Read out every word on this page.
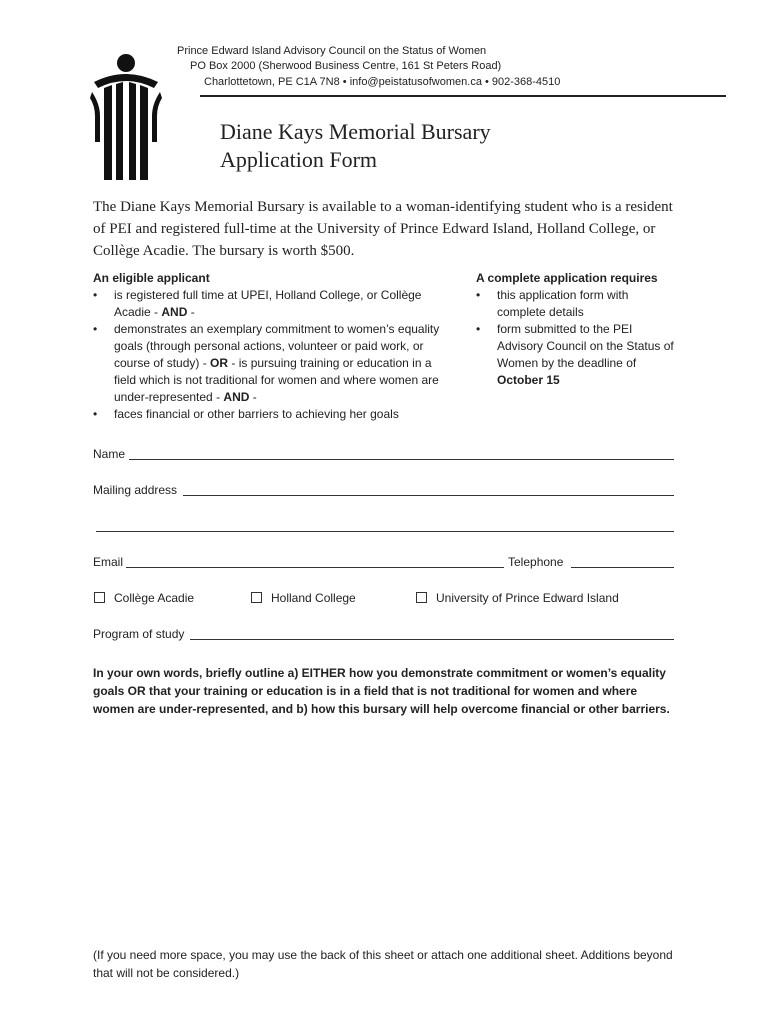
Prince Edward Island Advisory Council on the Status of Women
PO Box 2000 (Sherwood Business Centre, 161 St Peters Road)
Charlottetown, PE C1A 7N8 • info@peistatusofwomen.ca • 902-368-4510
Diane Kays Memorial Bursary
Application Form
The Diane Kays Memorial Bursary is available to a woman-identifying student who is a resident of PEI and registered full-time at the University of Prince Edward Island, Holland College, or Collège Acadie. The bursary is worth $500.
An eligible applicant
• is registered full time at UPEI, Holland College, or Collège Acadie - AND -
• demonstrates an exemplary commitment to women’s equality goals (through personal actions, volunteer or paid work, or course of study) - OR - is pursuing training or education in a field which is not traditional for women and where women are under-represented - AND -
• faces financial or other barriers to achieving her goals
A complete application requires
• this application form with complete details
• form submitted to the PEI Advisory Council on the Status of Women by the deadline of October 15
Name
Mailing address
Email	Telephone
Collège Acadie	Holland College	University of Prince Edward Island
Program of study
In your own words, briefly outline a) EITHER how you demonstrate commitment or women’s equality goals OR that your training or education is in a field that is not traditional for women and where women are under-represented, and b) how this bursary will help overcome financial or other barriers.
(If you need more space, you may use the back of this sheet or attach one additional sheet. Additions beyond that will not be considered.)
